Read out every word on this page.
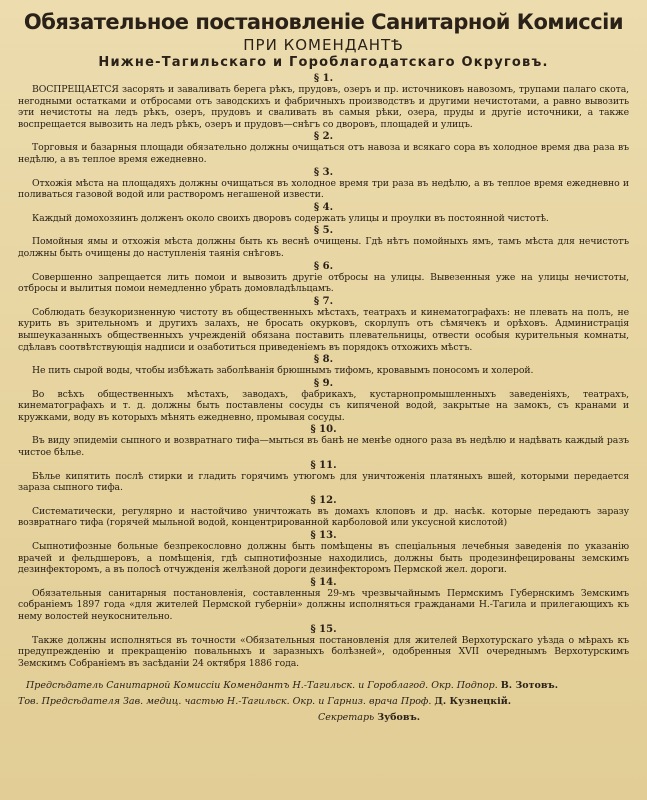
Обязательное постановленіе Санитарной Комиссіи

ПРИ КОМЕНДАНТѢ

Нижне-Тагильскаго и Гороблагодатскаго Округовъ.

§ 1.

ВОСПРЕЩАЕТСЯ засорять и заваливать берега рѣкъ, прудовъ, озеръ и пр. источниковъ навозомъ, трупами палаго скота, негодными остатками и отбросами отъ заводскихъ и фабричныхъ производствъ и другими нечистотами, а равно вывозить эти нечистоты на ледъ рѣкъ, озеръ, прудовъ и сваливать въ самыя рѣки, озера, пруды и другіе источники, а также воспрещается вывозить на ледъ рѣкъ, озеръ и прудовъ—снѣгъ со дворовъ, площадей и улицъ.

§ 2.

Торговыя и базарныя площади обязательно должны очищаться отъ навоза и всякаго сора въ холодное время два раза въ недѣлю, а въ теплое время ежедневно.

§ 3.

Отхожія мѣста на площадяхъ должны очищаться въ холодное время три раза въ недѣлю, а въ теплое время ежедневно и поливаться газовой водой или растворомъ негашеной извести.

§ 4.

Каждый домохозяинъ долженъ около своихъ дворовъ содержать улицы и проулки въ постоянной чистотѣ.

§ 5.

Помойныя ямы и отхожія мѣста должны быть къ веснѣ очищены. Гдѣ нѣтъ помойныхъ ямъ, тамъ мѣста для нечистотъ должны быть очищены до наступленія таянія снѣговъ.

§ 6.

Совершенно запрещается лить помои и вывозить другіе отбросы на улицы. Вывезенныя уже на улицы нечистоты, отбросы и вылитыя помои немедленно убрать домовладѣльцамъ.

§ 7.

Соблюдать безукоризненную чистоту въ общественныхъ мѣстахъ, театрахъ и кинематографахъ: не плевать на полъ, не курить въ зрительномъ и другихъ залахъ, не бросать окурковъ, скорлупъ отъ сѣмячекъ и орѣховъ. Администрація вышеуказанныхъ общественныхъ учрежденій обязана поставить плевательницы, отвести особыя курительныя комнаты, сдѣлавъ соотвѣтствующія надписи и озаботиться приведеніемъ въ порядокъ отхожихъ мѣстъ.

§ 8.

Не пить сырой воды, чтобы избѣжать заболѣванія брюшнымъ тифомъ, кровавымъ поносомъ и холерой.

§ 9.

Во всѣхъ общественныхъ мѣстахъ, заводахъ, фабрикахъ, кустарнопромышленныхъ заведеніяхъ, театрахъ, кинематографахъ и т. д. должны быть поставлены сосуды съ кипяченой водой, закрытые на замокъ, съ кранами и кружками, воду въ которыхъ мѣнять ежедневно, промывая сосуды.

§ 10.

Въ виду эпидеміи сыпного и возвратнаго тифа—мыться въ банѣ не менѣе одного раза въ недѣлю и надѣвать каждый разъ чистое бѣлье.

§ 11.

Бѣлье кипятить послѣ стирки и гладить горячимъ утюгомъ для уничтоженія платяныхъ вшей, которыми передается зараза сыпного тифа.

§ 12.

Систематически, регулярно и настойчиво уничтожать въ домахъ клоповъ и др. насѣк. которые передаютъ заразу возвратнаго тифа (горячей мыльной водой, концентрированной карболовой или уксусной кислотой)

§ 13.

Сыпнотифозные больные безпрекословно должны быть помѣщены въ спеціальныя лечебныя заведенія по указанію врачей и фельдшеровъ, а помѣщенія, гдѣ сыпнотифозные находились, должны быть продезинфецированы земскимъ дезинфекторомъ, а въ полосѣ отчужденія желѣзной дороги дезинфекторомъ Пермской жел. дороги.

§ 14.

Обязательныя санитарныя постановленія, составленныя 29-мъ чрезвычайнымъ Пермскимъ Губернскимъ Земскимъ собраніемъ 1897 года «для жителей Пермской губерніи» должны исполняться гражданами Н.-Тагила и прилегающихъ къ нему волостей неукоснительно.

§ 15.

Также должны исполняться въ точности «Обязательныя постановленія для жителей Верхотурскаго уѣзда о мѣрахъ къ предупрежденію и прекращенію повальныхъ и заразныхъ болѣзней», одобренныя XVII очереднымъ Верхотурскимъ Земскимъ Собраніемъ въ засѣданіи 24 октября 1886 года.

Предсѣдатель Санитарной Комиссіи Комендантъ Н.-Тагильск. и Гороблагод. Окр. Подпор. В. Зотовъ.
Тов. Предсѣдателя Зав. медиц. частью Н.-Тагильск. Окр. и Гарниз. врача Проф. Д. Кузнецкій.
Секретарь Зубовъ.
